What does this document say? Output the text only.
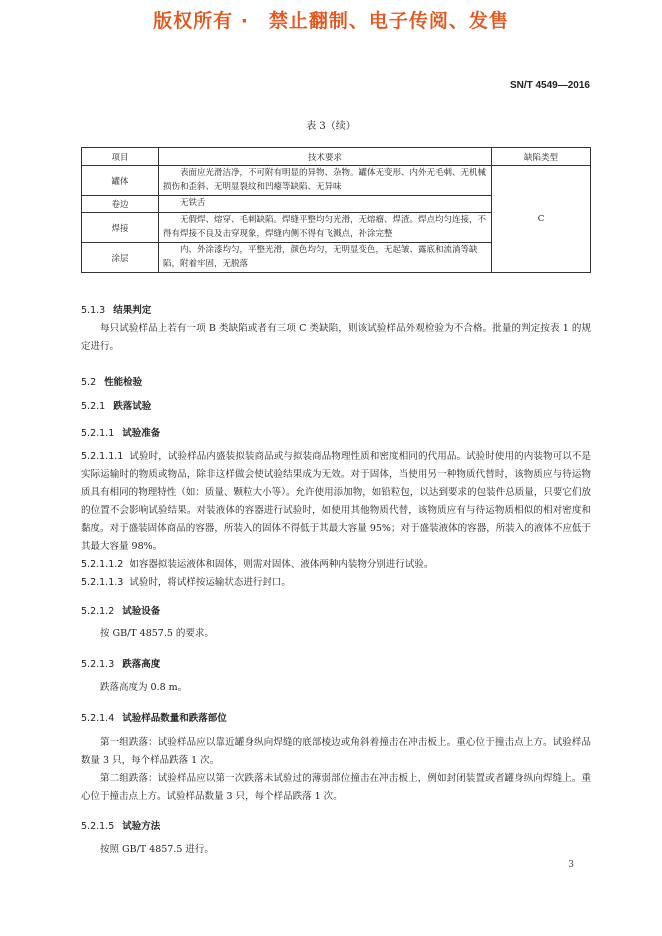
版权所有 ·　禁止翻制、电子传阅、发售
SN/T 4549—2016
表 3（续）
项目	技术要求	缺陷类型
罐体	表面应光滑洁净，不可附有明显的异物、杂物。罐体无变形、内外无毛刺、无机械损伤和歪斜、无明显裂纹和凹瘪等缺陷、无异味	C
卷边	无铁舌	
焊接	无假焊、熔穿、毛刺缺陷。焊缝平整均匀光滑，无熔瘤、焊渣。焊点均匀连接，不得有焊接不良及击穿现象，焊缝内侧不得有飞溅点，补涂完整	
涂层	内、外涂漆均匀，平整光滑，颜色均匀，无明显变色，无起皱、露底和流淌等缺陷，附着牢固，无脱落	
5.1.3 结果判定
每只试验样品上若有一项 B 类缺陷或者有三项 C 类缺陷，则该试验样品外观检验为不合格。批量的判定按表 1 的规定进行。
5.2 性能检验
5.2.1 跌落试验
5.2.1.1 试验准备
5.2.1.1.1 试验时，试验样品内盛装拟装商品或与拟装商品物理性质和密度相同的代用品。试验时使用的内装物可以不是实际运输时的物质或物品，除非这样做会使试验结果成为无效。对于固体，当使用另一种物质代替时，该物质应与待运物质具有相同的物理特性（如：质量、颗粒大小等）。允许使用添加物，如铅粒包，以达到要求的包装件总质量，只要它们放的位置不会影响试验结果。对装液体的容器进行试验时，如使用其他物质代替，该物质应有与待运物质相似的相对密度和黏度。对于盛装固体商品的容器，所装入的固体不得低于其最大容量 95%；对于盛装液体的容器，所装入的液体不应低于其最大容量 98%。
5.2.1.1.2 如容器拟装运液体和固体，则需对固体、液体两种内装物分别进行试验。
5.2.1.1.3 试验时，将试样按运输状态进行封口。
5.2.1.2 试验设备
按 GB/T 4857.5 的要求。
5.2.1.3 跌落高度
跌落高度为 0.8 m。
5.2.1.4 试验样品数量和跌落部位
第一组跌落：试验样品应以靠近罐身纵向焊缝的底部棱边或角斜着撞击在冲击板上。重心位于撞击点上方。试验样品数量 3 只，每个样品跌落 1 次。
第二组跌落：试验样品应以第一次跌落未试验过的薄弱部位撞击在冲击板上，例如封闭装置或者罐身纵向焊缝上。重心位于撞击点上方。试验样品数量 3 只，每个样品跌落 1 次。
5.2.1.5 试验方法
按照 GB/T 4857.5 进行。
3
